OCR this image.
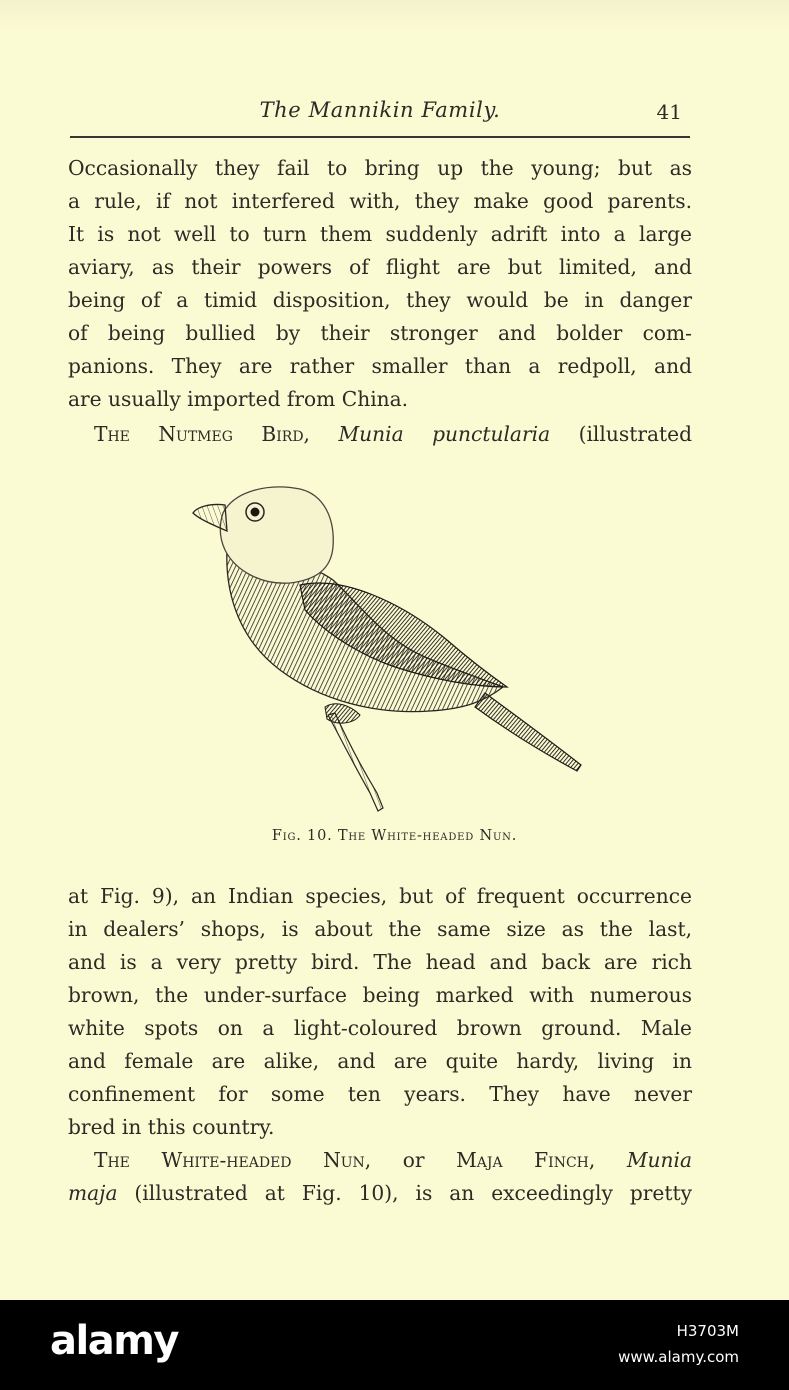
The Mannikin Family.	41
Occasionally they fail to bring up the young; but as
a rule, if not interfered with, they make good parents.
It is not well to turn them suddenly adrift into a large
aviary, as their powers of flight are but limited, and
being of a timid disposition, they would be in danger
of being bullied by their stronger and bolder com-
panions. They are rather smaller than a redpoll, and
are usually imported from China.
The Nutmeg Bird, Munia punctularia (illustrated
Fig. 10. The White-headed Nun.
at Fig. 9), an Indian species, but of frequent occurrence
in dealers’ shops, is about the same size as the last,
and is a very pretty bird. The head and back are rich
brown, the under-surface being marked with numerous
white spots on a light-coloured brown ground. Male
and female are alike, and are quite hardy, living in
confinement for some ten years. They have never
bred in this country.
The White-headed Nun, or Maja Finch, Munia
maja (illustrated at Fig. 10), is an exceedingly pretty
alamy	H3703M
www.alamy.com
